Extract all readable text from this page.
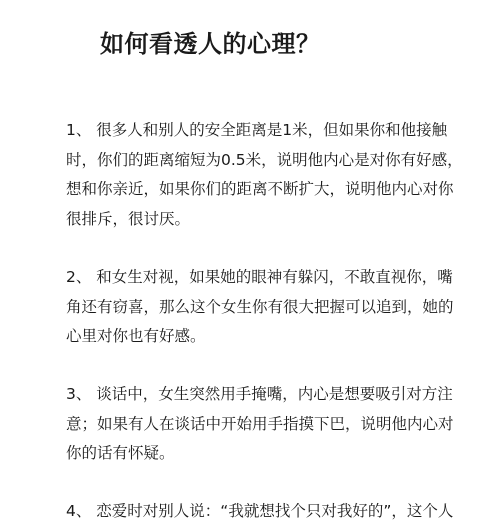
如何看透人的心理？
1、 很多人和别人的安全距离是1米，但如果你和他接触
时，你们的距离缩短为0.5米，说明他内心是对你有好感，
想和你亲近，如果你们的距离不断扩大，说明他内心对你
很排斥，很讨厌。
2、 和女生对视，如果她的眼神有躲闪，不敢直视你，嘴
角还有窃喜，那么这个女生你有很大把握可以追到，她的
心里对你也有好感。
3、 谈话中，女生突然用手掩嘴，内心是想要吸引对方注
意；如果有人在谈话中开始用手指摸下巴，说明他内心对
你的话有怀疑。
4、 恋爱时对别人说：“我就想找个只对我好的”，这个人
